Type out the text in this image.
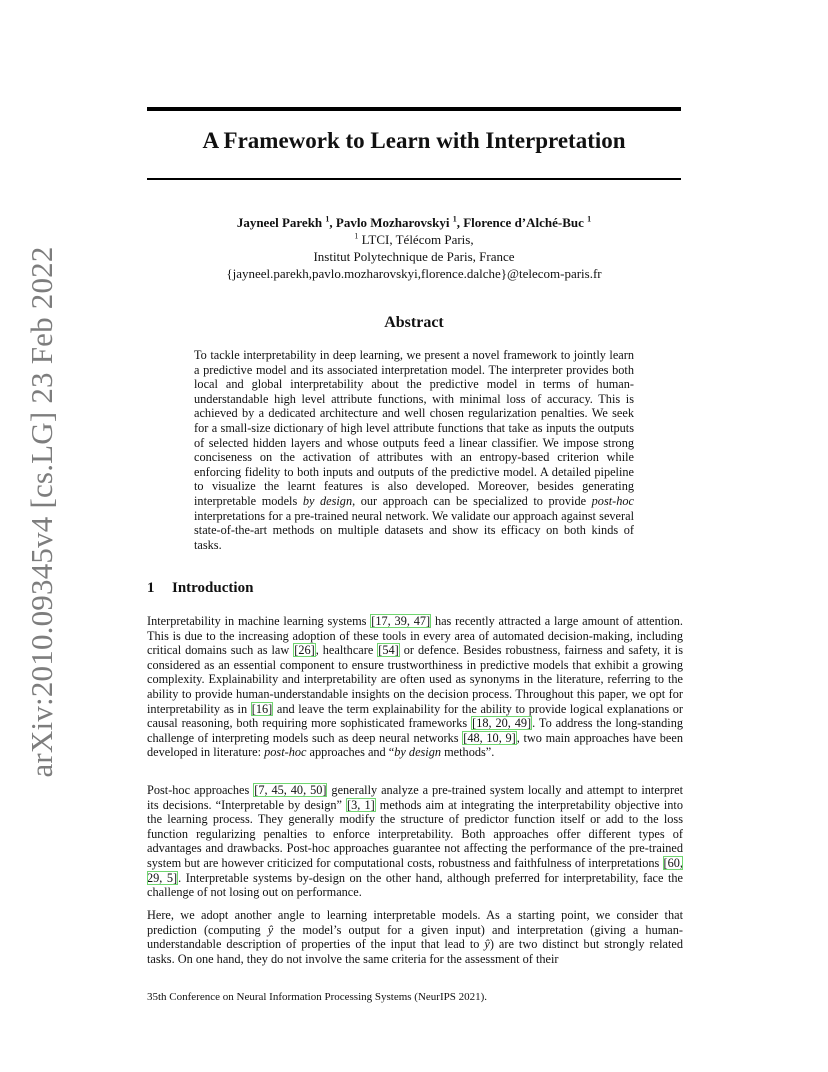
arXiv:2010.09345v4 [cs.LG] 23 Feb 2022
A Framework to Learn with Interpretation
Jayneel Parekh $^1$, Pavlo Mozharovskyi $^1$, Florence d’Alché-Buc $^1$
$^1$ LTCI, Télécom Paris,
Institut Polytechnique de Paris, France
{jayneel.parekh,pavlo.mozharovskyi,florence.dalche}@telecom-paris.fr
Abstract

To tackle interpretability in deep learning, we present a novel framework to jointly learn a predictive model and its associated interpretation model. The interpreter provides both local and global interpretability about the predictive model in terms of human-understandable high level attribute functions, with minimal loss of accuracy. This is achieved by a dedicated architecture and well chosen regularization penalties. We seek for a small-size dictionary of high level attribute functions that take as inputs the outputs of selected hidden layers and whose outputs feed a linear classifier. We impose strong conciseness on the activation of attributes with an entropy-based criterion while enforcing fidelity to both inputs and outputs of the predictive model. A detailed pipeline to visualize the learnt features is also developed. Moreover, besides generating interpretable models by design, our approach can be specialized to provide post-hoc interpretations for a pre-trained neural network. We validate our approach against several state-of-the-art methods on multiple datasets and show its efficacy on both kinds of tasks.

1 Introduction

Interpretability in machine learning systems [17, 39, 47] has recently attracted a large amount of attention. This is due to the increasing adoption of these tools in every area of automated decision-making, including critical domains such as law [26], healthcare [54] or defence. Besides robustness, fairness and safety, it is considered as an essential component to ensure trustworthiness in predictive models that exhibit a growing complexity. Explainability and interpretability are often used as synonyms in the literature, referring to the ability to provide human-understandable insights on the decision process. Throughout this paper, we opt for interpretability as in [16] and leave the term explainability for the ability to provide logical explanations or causal reasoning, both requiring more sophisticated frameworks [18, 20, 49]. To address the long-standing challenge of interpreting models such as deep neural networks [48, 10, 9], two main approaches have been developed in literature: post-hoc approaches and “by design methods”.

Post-hoc approaches [7, 45, 40, 50] generally analyze a pre-trained system locally and attempt to interpret its decisions. “Interpretable by design” [3, 1] methods aim at integrating the interpretability objective into the learning process. They generally modify the structure of predictor function itself or add to the loss function regularizing penalties to enforce interpretability. Both approaches offer different types of advantages and drawbacks. Post-hoc approaches guarantee not affecting the performance of the pre-trained system but are however criticized for computational costs, robustness and faithfulness of interpretations [60, 29, 5]. Interpretable systems by-design on the other hand, although preferred for interpretability, face the challenge of not losing out on performance.

Here, we adopt another angle to learning interpretable models. As a starting point, we consider that prediction (computing ŷ the model’s output for a given input) and interpretation (giving a human-understandable description of properties of the input that lead to ŷ) are two distinct but strongly related tasks. On one hand, they do not involve the same criteria for the assessment of their

35th Conference on Neural Information Processing Systems (NeurIPS 2021).
